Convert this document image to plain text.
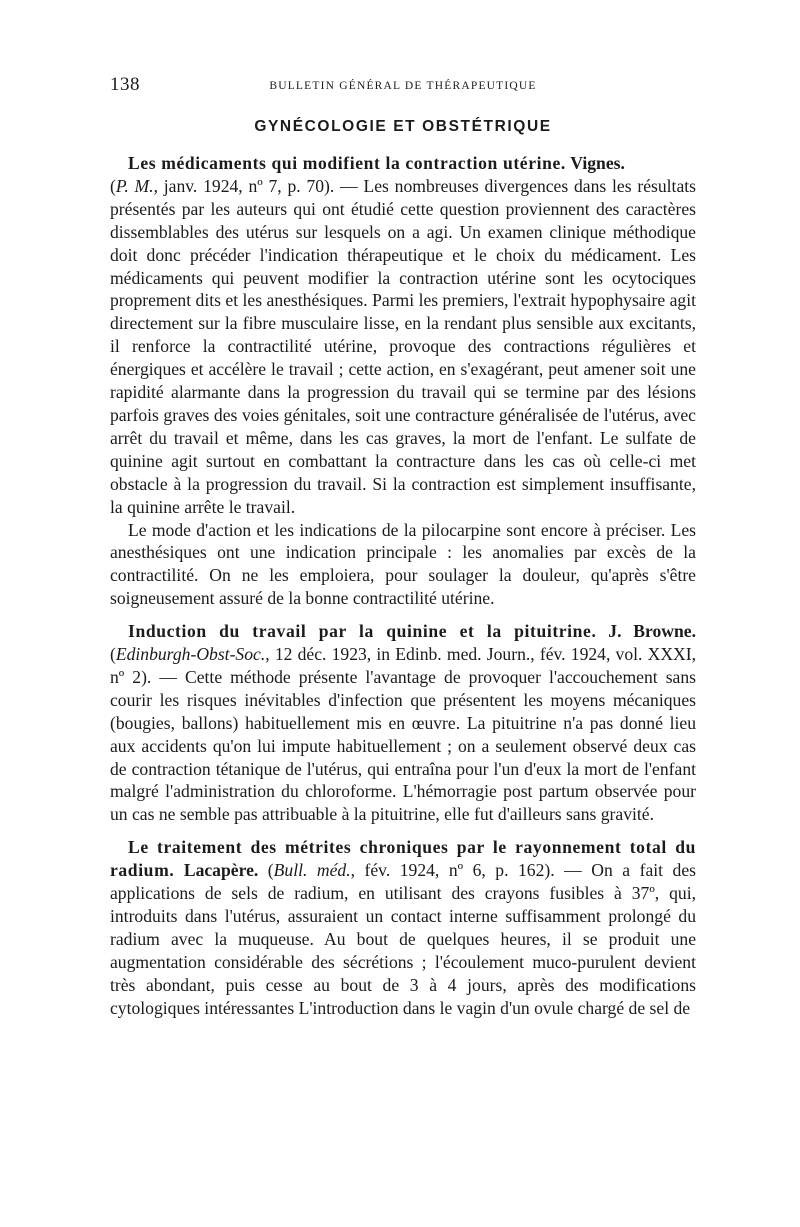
138	BULLETIN GÉNÉRAL DE THÉRAPEUTIQUE
GYNÉCOLOGIE ET OBSTÉTRIQUE

Les médicaments qui modifient la contraction utérine. Vignes.
(P. M., janv. 1924, nº 7, p. 70). — Les nombreuses divergences dans les résultats présentés par les auteurs qui ont étudié cette question proviennent des caractères dissemblables des utérus sur lesquels on a agi. Un examen clinique méthodique doit donc précéder l'indication thérapeutique et le choix du médicament. Les médicaments qui peuvent modifier la contraction utérine sont les ocytociques proprement dits et les anesthésiques. Parmi les premiers, l'extrait hypophysaire agit directement sur la fibre musculaire lisse, en la rendant plus sensible aux excitants, il renforce la contractilité utérine, provoque des contractions régulières et énergiques et accélère le travail ; cette action, en s'exagérant, peut amener soit une rapidité alarmante dans la progression du travail qui se termine par des lésions parfois graves des voies génitales, soit une contracture généralisée de l'utérus, avec arrêt du travail et même, dans les cas graves, la mort de l'enfant. Le sulfate de quinine agit surtout en combattant la contracture dans les cas où celle-ci met obstacle à la progression du travail. Si la contraction est simplement insuffisante, la quinine arrête le travail.

Le mode d'action et les indications de la pilocarpine sont encore à préciser. Les anesthésiques ont une indication principale : les anomalies par excès de la contractilité. On ne les emploiera, pour soulager la douleur, qu'après s'être soigneusement assuré de la bonne contractilité utérine.

Induction du travail par la quinine et la pituitrine. J. Browne. (Edinburgh-Obst-Soc., 12 déc. 1923, in Edinb. med. Journ., fév. 1924, vol. XXXI, nº 2). — Cette méthode présente l'avantage de provoquer l'accouchement sans courir les risques inévitables d'infection que présentent les moyens mécaniques (bougies, ballons) habituellement mis en œuvre. La pituitrine n'a pas donné lieu aux accidents qu'on lui impute habituellement ; on a seulement observé deux cas de contraction tétanique de l'utérus, qui entraîna pour l'un d'eux la mort de l'enfant malgré l'administration du chloroforme. L'hémorragie post partum observée pour un cas ne semble pas attribuable à la pituitrine, elle fut d'ailleurs sans gravité.

Le traitement des métrites chroniques par le rayonnement total du radium. Lacapère. (Bull. méd., fév. 1924, nº 6, p. 162). — On a fait des applications de sels de radium, en utilisant des crayons fusibles à 37º, qui, introduits dans l'utérus, assuraient un contact interne suffisamment prolongé du radium avec la muqueuse. Au bout de quelques heures, il se produit une augmentation considérable des sécrétions ; l'écoulement muco-purulent devient très abondant, puis cesse au bout de 3 à 4 jours, après des modifications cytologiques intéressantes L'introduction dans le vagin d'un ovule chargé de sel de
